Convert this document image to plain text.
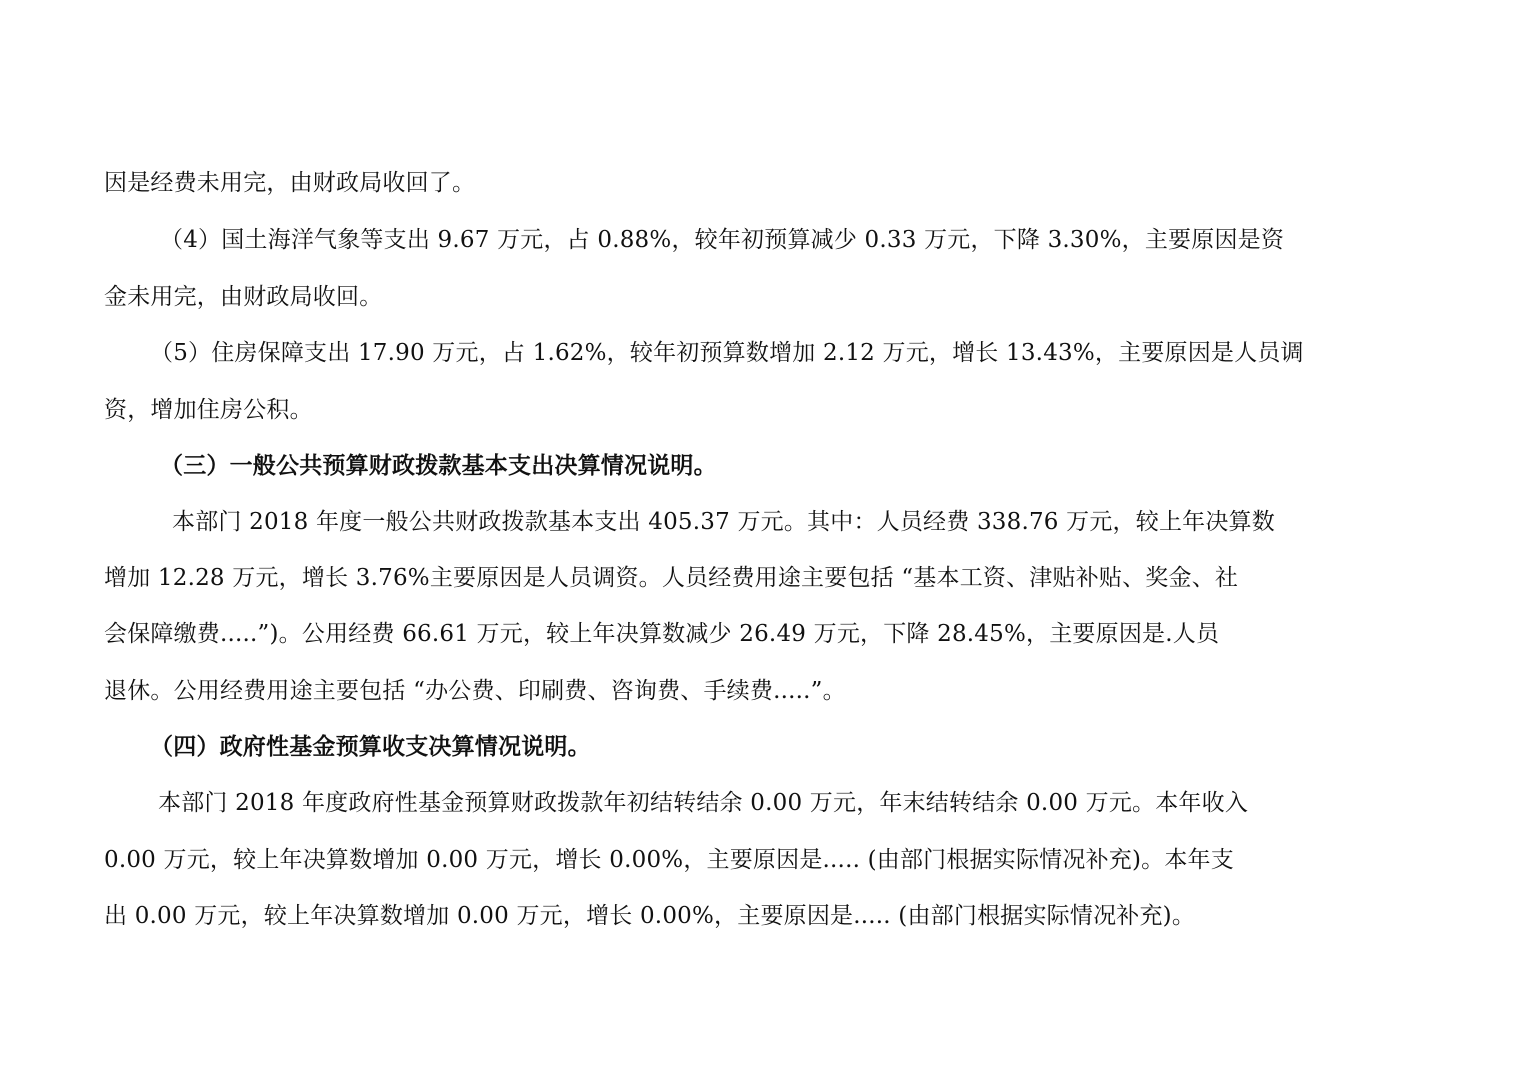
因是经费未用完，由财政局收回了。
（4）国土海洋气象等支出 9.67 万元，占 0.88%，较年初预算减少 0.33 万元，下降 3.30%，主要原因是资
金未用完，由财政局收回。
（5）住房保障支出 17.90 万元，占 1.62%，较年初预算数增加 2.12 万元，增长 13.43%，主要原因是人员调
资，增加住房公积。
（三）一般公共预算财政拨款基本支出决算情况说明。
本部门 2018 年度一般公共财政拨款基本支出 405.37 万元。其中：人员经费 338.76 万元，较上年决算数
增加 12.28 万元，增长 3.76%主要原因是人员调资。人员经费用途主要包括 “基本工资、津贴补贴、奖金、社
会保障缴费.....”)。公用经费 66.61 万元，较上年决算数减少 26.49 万元，下降 28.45%，主要原因是.人员
退休。公用经费用途主要包括 “办公费、印刷费、咨询费、手续费.....”。
（四）政府性基金预算收支决算情况说明。
本部门 2018 年度政府性基金预算财政拨款年初结转结余 0.00 万元，年末结转结余 0.00 万元。本年收入
0.00 万元，较上年决算数增加 0.00 万元，增长 0.00%，主要原因是..... (由部门根据实际情况补充)。本年支
出 0.00 万元，较上年决算数增加 0.00 万元，增长 0.00%，主要原因是..... (由部门根据实际情况补充)。
